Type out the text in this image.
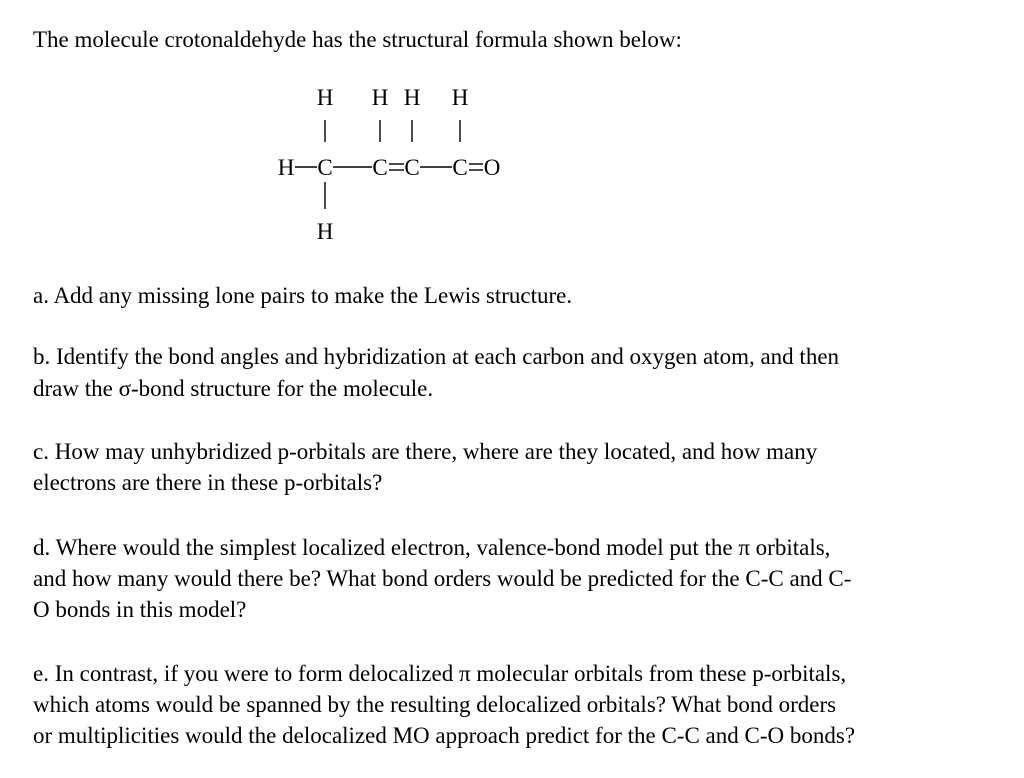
The molecule crotonaldehyde has the structural formula shown below:
H H H H
H C C C C O
H
a. Add any missing lone pairs to make the Lewis structure.
b. Identify the bond angles and hybridization at each carbon and oxygen atom, and then
draw the σ-bond structure for the molecule.
c. How may unhybridized p-orbitals are there, where are they located, and how many
electrons are there in these p-orbitals?
d. Where would the simplest localized electron, valence-bond model put the π orbitals,
and how many would there be? What bond orders would be predicted for the C-C and C-
O bonds in this model?
e. In contrast, if you were to form delocalized π molecular orbitals from these p-orbitals,
which atoms would be spanned by the resulting delocalized orbitals? What bond orders
or multiplicities would the delocalized MO approach predict for the C-C and C-O bonds?
